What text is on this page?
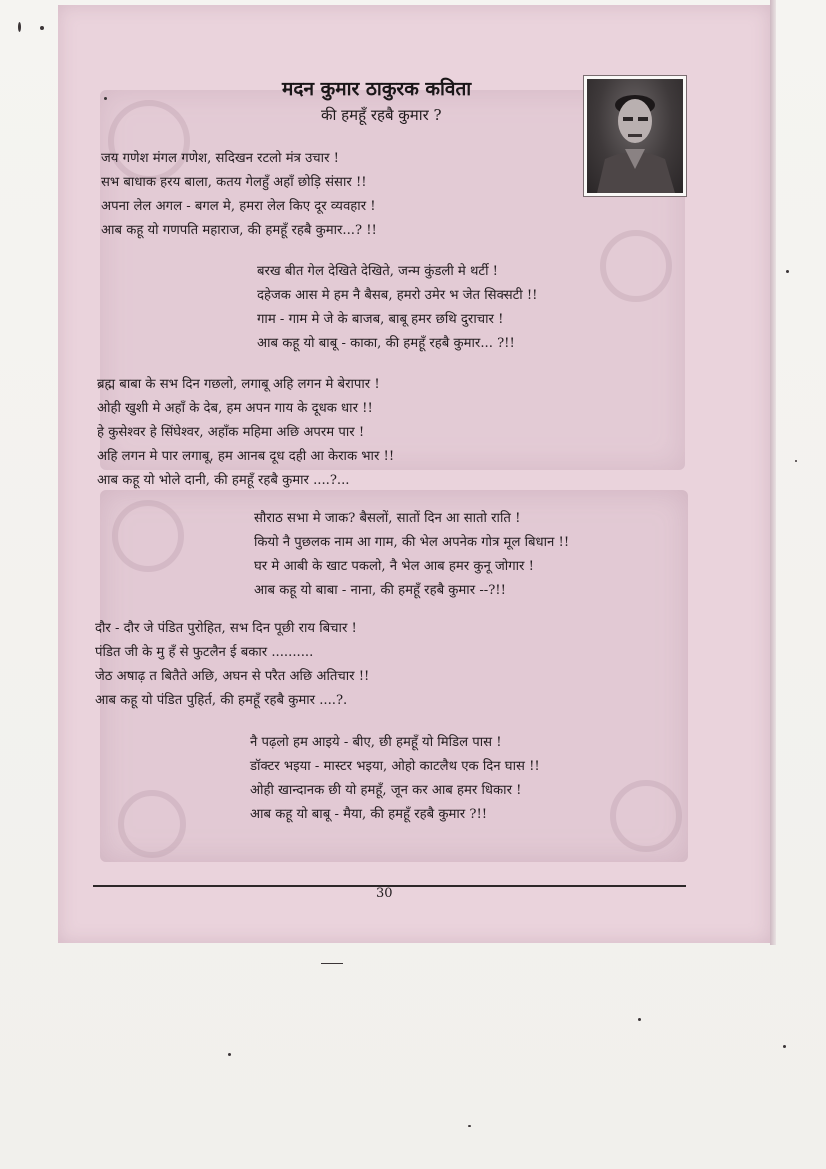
मदन कुमार ठाकुरक कविता
की हमहूँ रहबै कुमार ?
जय गणेश मंगल गणेश, सदिखन रटलो मंत्र उचार !
सभ बाधाक हरय बाला, कतय गेलहुँ अहाँ छोड़ि संसार !!
अपना लेल अगल - बगल मे, हमरा लेल किए दूर व्यवहार !
आब कहू यो गणपति महाराज, की हमहूँ रहबै कुमार...? !!
बरख बीत गेल देखिते देखिते, जन्म कुंडली मे थर्टी !
दहेजक आस मे हम नै बैसब, हमरो उमेर भ जेत सिक्सटी !!
गाम - गाम मे जे के बाजब, बाबू हमर छथि दुराचार !
आब कहू यो बाबू - काका, की हमहूँ रहबै कुमार... ?!!
ब्रह्म बाबा के सभ दिन गछलो, लगाबू अहि लगन मे बेरापार !
ओही खुशी मे अहाँ के देब, हम अपन गाय के दूधक धार !!
हे कुसेश्वर हे सिंघेश्वर, अहाँक महिमा अछि अपरम पार !
अहि लगन मे पार लगाबू, हम आनब दूध दही आ केराक भार !!
आब कहू यो भोले दानी, की हमहूँ रहबै कुमार ....?...
सौराठ सभा मे जाक? बैसलों, सातों दिन आ सातो राति !
कियो नै पुछलक नाम आ गाम, की भेल अपनेक गोत्र मूल बिधान !!
घर मे आबी के खाट पकलो, नै भेल आब हमर कुनू जोगार !
आब कहू यो बाबा - नाना, की हमहूँ रहबै कुमार --?!!
दौर - दौर जे पंडित पुरोहित, सभ दिन पूछी राय बिचार !
पंडित जी के मु हँ से फुटलैन ई बकार ..........
जेठ अषाढ़ त बितैते अछि, अघन से परैत अछि अतिचार !!
आब कहू यो पंडित पुहिर्त, की हमहूँ रहबै कुमार ....?.
नै पढ़लो हम आइये - बीए, छी हमहूँ यो मिडिल पास !
डॉक्टर भइया - मास्टर भइया, ओहो काटलैथ एक दिन घास !!
ओही खान्दानक छी यो हमहूँ, जून कर आब हमर धिकार !
आब कहू यो बाबू - मैया, की हमहूँ रहबै कुमार ?!!
30
